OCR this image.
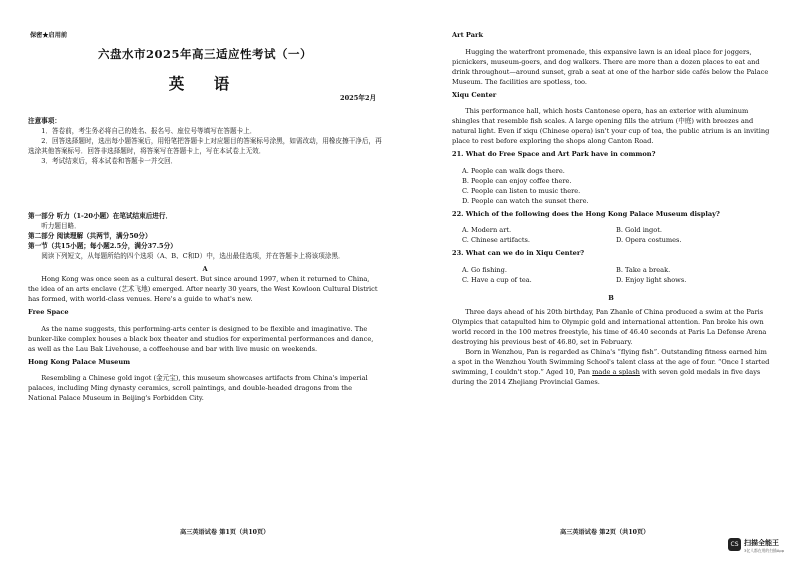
保密★启用前
六盘水市2025年高三适应性考试（一）
英 语
2025年2月

注意事项：

1．答卷前，考生务必将自己的姓名、报名号、座位号等填写在答题卡上．

2．回答选择题时，选出每小题答案后，用铅笔把答题卡上对应题目的答案标号涂黑，如需改动，用橡皮擦干净后，再选涂其他答案标号．回答非选择题时，将答案写在答题卡上，写在本试卷上无效．

3．考试结束后，将本试卷和答题卡一并交回．

第一部分 听力（1-20小题）在笔试结束后进行．

听力题目略．

第二部分 阅读理解（共两节，满分50分）

第一节（共15小题；每小题2.5分，满分37.5分）

阅读下列短文，从每题所给的四个选项（A、B、C和D）中，选出最佳选项，并在答题卡上将该项涂黑．

A

Hong Kong was once seen as a cultural desert. But since around 1997, when it returned to China, the idea of an arts enclave (艺术飞地) emerged. After nearly 30 years, the West Kowloon Cultural District has formed, with world-class venues. Here's a guide to what's new.

Free Space

As the name suggests, this performing-arts center is designed to be flexible and imaginative. The bunker-like complex houses a black box theater and studios for experimental performances and dance, as well as the Lau Bak Livehouse, a coffeehouse and bar with live music on weekends.

Hong Kong Palace Museum

Resembling a Chinese gold ingot (金元宝), this museum showcases artifacts from China's imperial palaces, including Ming dynasty ceramics, scroll paintings, and double-headed dragons from the National Palace Museum in Beijing's Forbidden City.

高三英语试卷 第1页（共10页）

Art Park

Hugging the waterfront promenade, this expansive lawn is an ideal place for joggers, picnickers, museum-goers, and dog walkers. There are more than a dozen places to eat and drink throughout—around sunset, grab a seat at one of the harbor side cafés below the Palace Museum. The facilities are spotless, too.

Xiqu Center

This performance hall, which hosts Cantonese opera, has an exterior with aluminum shingles that resemble fish scales. A large opening fills the atrium (中庭) with breezes and natural light. Even if xiqu (Chinese opera) isn't your cup of tea, the public atrium is an inviting place to rest before exploring the shops along Canton Road.

21. What do Free Space and Art Park have in common?

A. People can walk dogs there.
B. People can enjoy coffee there.
C. People can listen to music there.
D. People can watch the sunset there.

22. Which of the following does the Hong Kong Palace Museum display?

A. Modern art.	B. Gold ingot.
C. Chinese artifacts.	D. Opera costumes.

23. What can we do in Xiqu Center?

A. Go fishing.	B. Take a break.
C. Have a cup of tea.	D. Enjoy light shows.

B

Three days ahead of his 20th birthday, Pan Zhanle of China produced a swim at the Paris Olympics that catapulted him to Olympic gold and international attention. Pan broke his own world record in the 100 metres freestyle, his time of 46.40 seconds at Paris La Defense Arena destroying his previous best of 46.80, set in February.

Born in Wenzhou, Pan is regarded as China's “flying fish”. Outstanding fitness earned him a spot in the Wenzhou Youth Swimming School's talent class at the age of four. “Once I started swimming, I couldn't stop.” Aged 10, Pan made a splash with seven gold medals in five days during the 2014 Zhejiang Provincial Games.

高三英语试卷 第2页（共10页）
CS 扫描全能王
3亿人都在用的扫描App
